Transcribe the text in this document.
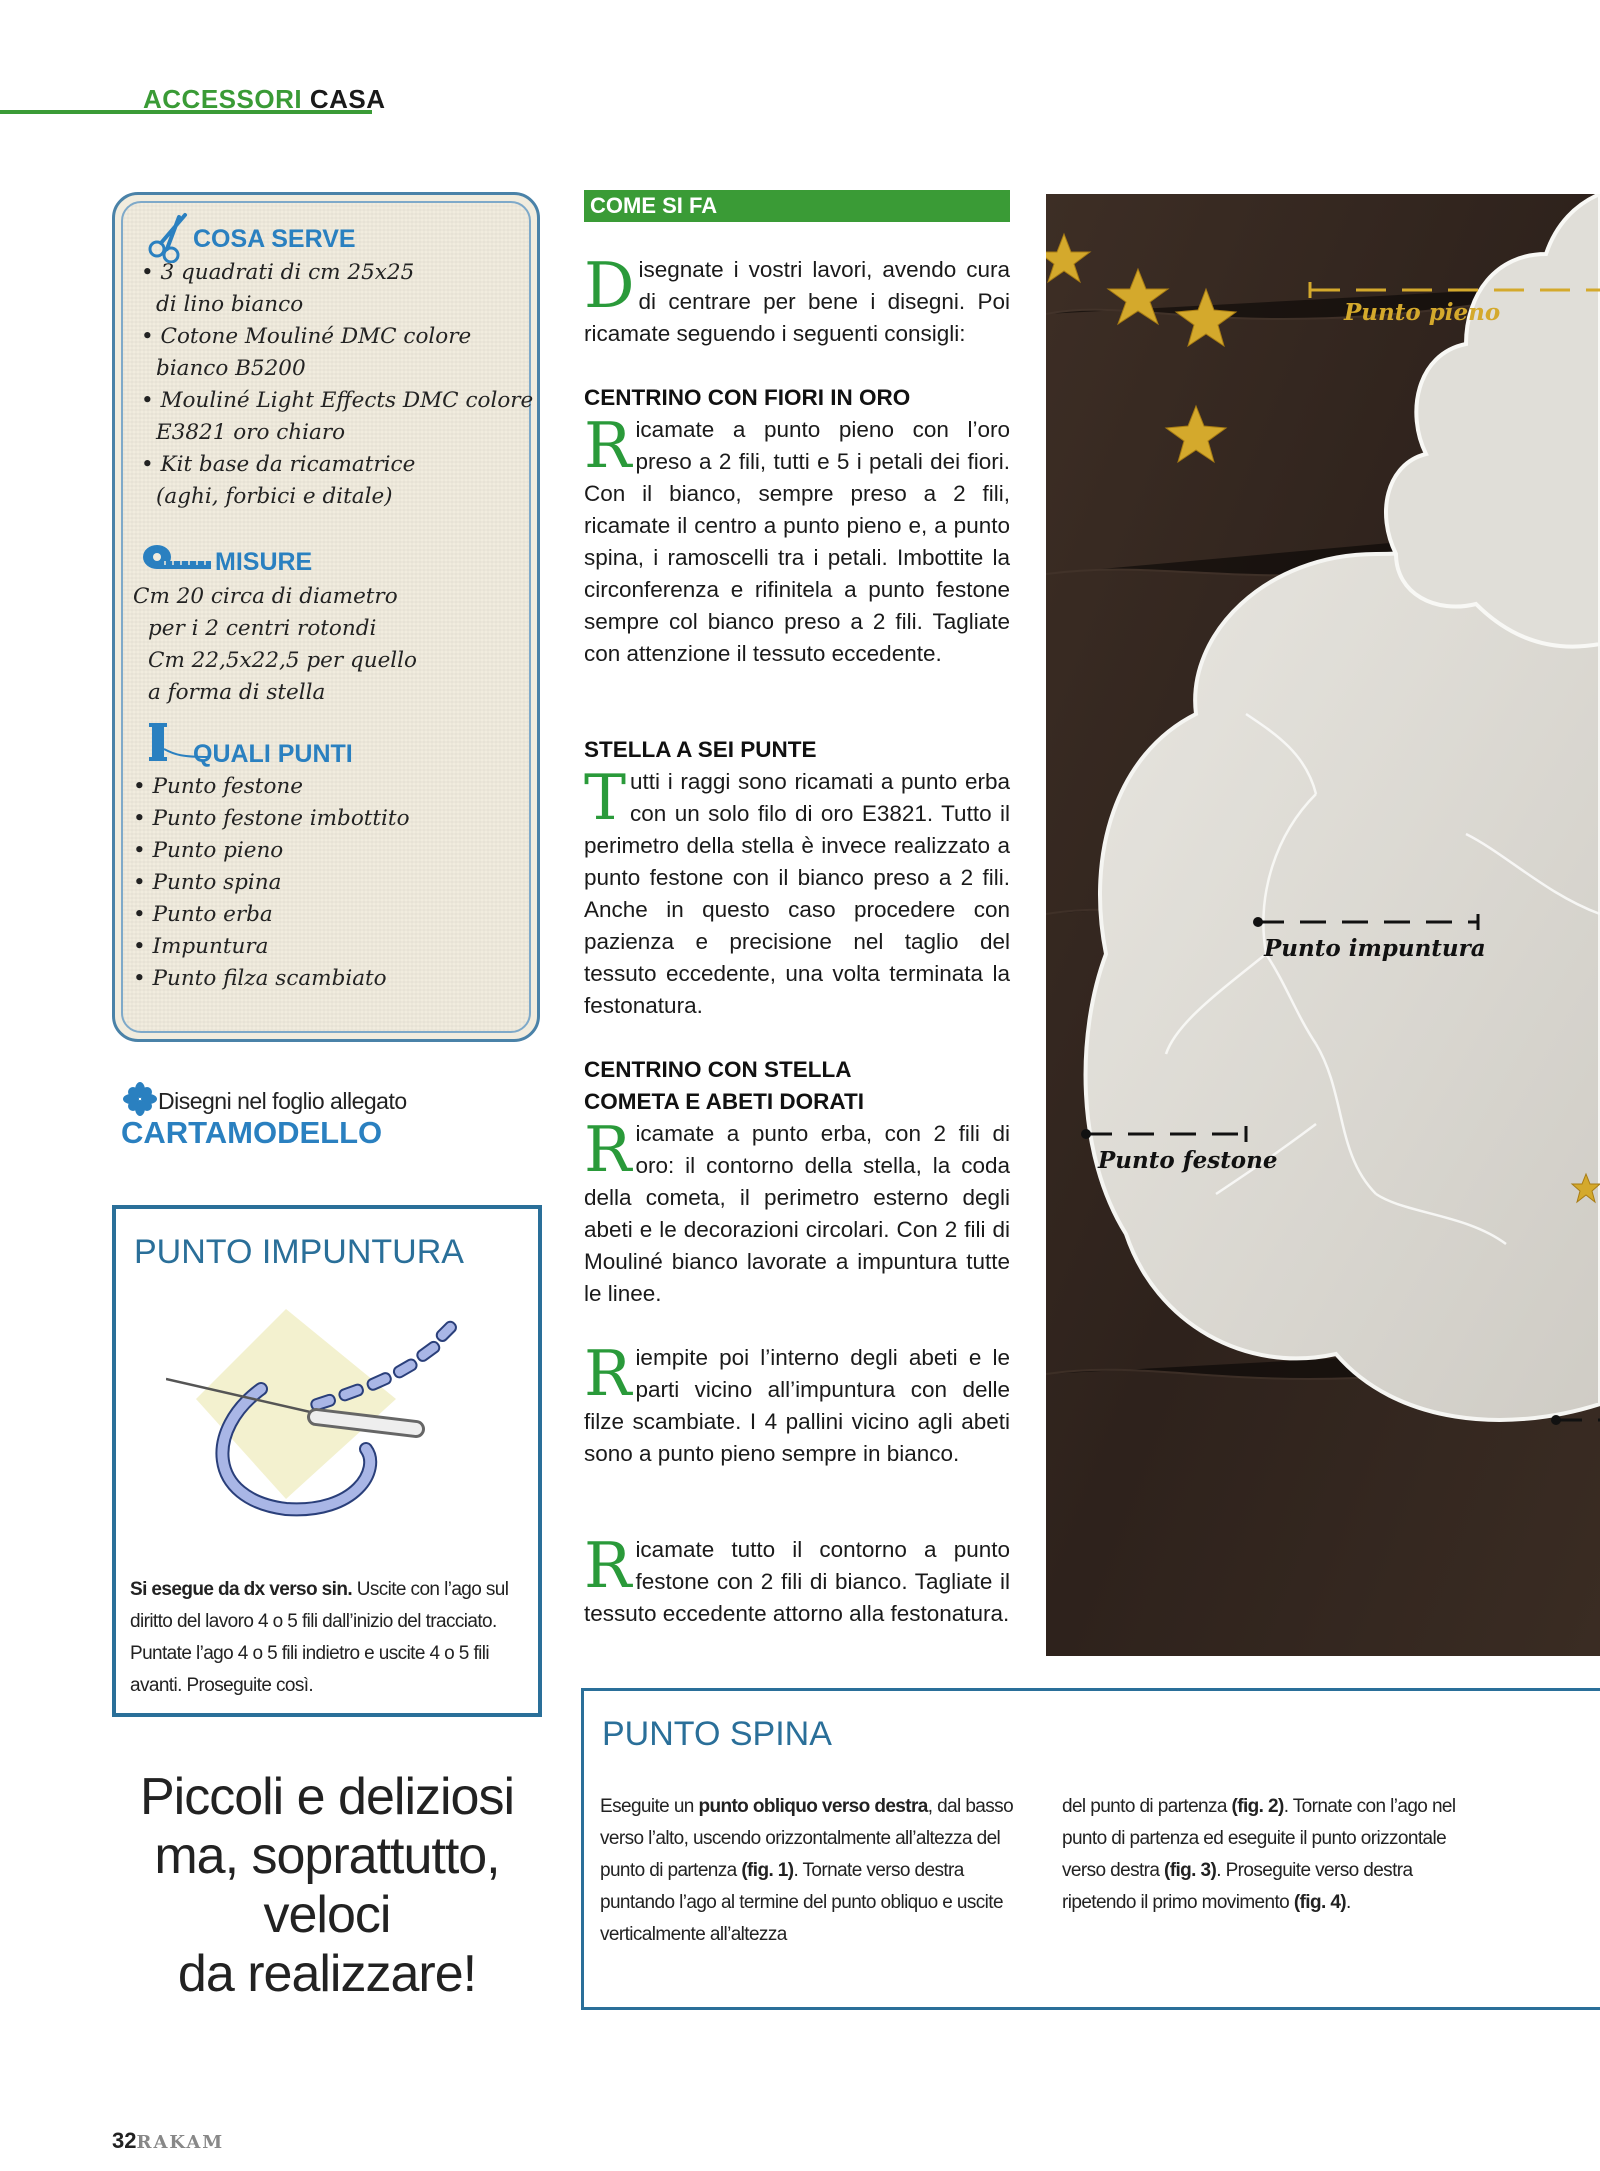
ACCESSORI CASA
COSA SERVE
• 3 quadrati di cm 25x25
di lino bianco
• Cotone Mouliné DMC colore
bianco B5200
• Mouliné Light Effects DMC colore
E3821 oro chiaro
• Kit base da ricamatrice
(aghi, forbici e ditale)
MISURE
Cm 20 circa di diametro
per i 2 centri rotondi
Cm 22,5x22,5 per quello
a forma di stella
QUALI PUNTI
• Punto festone
• Punto festone imbottito
• Punto pieno
• Punto spina
• Punto erba
• Impuntura
• Punto filza scambiato
Disegni nel foglio allegato
CARTAMODELLO
PUNTO IMPUNTURA

Si esegue da dx verso sin. Uscite con l’ago sul diritto del lavoro 4 o 5 fili dall’inizio del tracciato. Puntate l’ago 4 o 5 fili indietro e uscite 4 o 5 fili avanti. Proseguite così.

Piccoli e deliziosi
ma, soprattutto,
veloci
da realizzare!
32RAKAM
COME SI FA
Disegnate i vostri lavori, avendo cura di centrare per bene i disegni. Poi ricamate seguendo i seguenti consigli:
CENTRINO CON FIORI IN ORO
Ricamate a punto pieno con l’oro preso a 2 fili, tutti e 5 i petali dei fiori. Con il bianco, sempre preso a 2 fili, ricamate il centro a punto pieno e, a punto spina, i ramoscelli tra i petali. Imbottite la circonferenza e rifinitela a punto festone sempre col bianco preso a 2 fili. Tagliate con attenzione il tessuto eccedente.
STELLA A SEI PUNTE
Tutti i raggi sono ricamati a punto erba con un solo filo di oro E3821. Tutto il perimetro della stella è invece realizzato a punto festone con il bianco preso a 2 fili. Anche in questo caso procedere con pazienza e precisione nel taglio del tessuto eccedente, una volta terminata la festonatura.
CENTRINO CON STELLA
COMETA E ABETI DORATI
Ricamate a punto erba, con 2 fili di oro: il contorno della stella, la coda della cometa, il perimetro esterno degli abeti e le decorazioni circolari. Con 2 fili di Mouliné bianco lavorate a impuntura tutte le linee.
Riempite poi l’interno degli abeti e le parti vicino all’impuntura con delle filze scambiate. I 4 pallini vicino agli abeti sono a punto pieno sempre in bianco.
Ricamate tutto il contorno a punto festone con 2 fili di bianco. Tagliate il tessuto eccedente attorno alla festonatura.
Punto pieno
Punto impuntura
Punto festone
PUNTO SPINA
Eseguite un punto obliquo verso destra, dal basso verso l’alto, uscendo orizzontalmente all’altezza del punto di partenza (fig. 1). Tornate verso destra puntando l’ago al termine del punto obliquo e uscite verticalmente all’altezza
del punto di partenza (fig. 2). Tornate con l’ago nel punto di partenza ed eseguite il punto orizzontale verso destra (fig. 3). Proseguite verso destra ripetendo il primo movimento (fig. 4).
